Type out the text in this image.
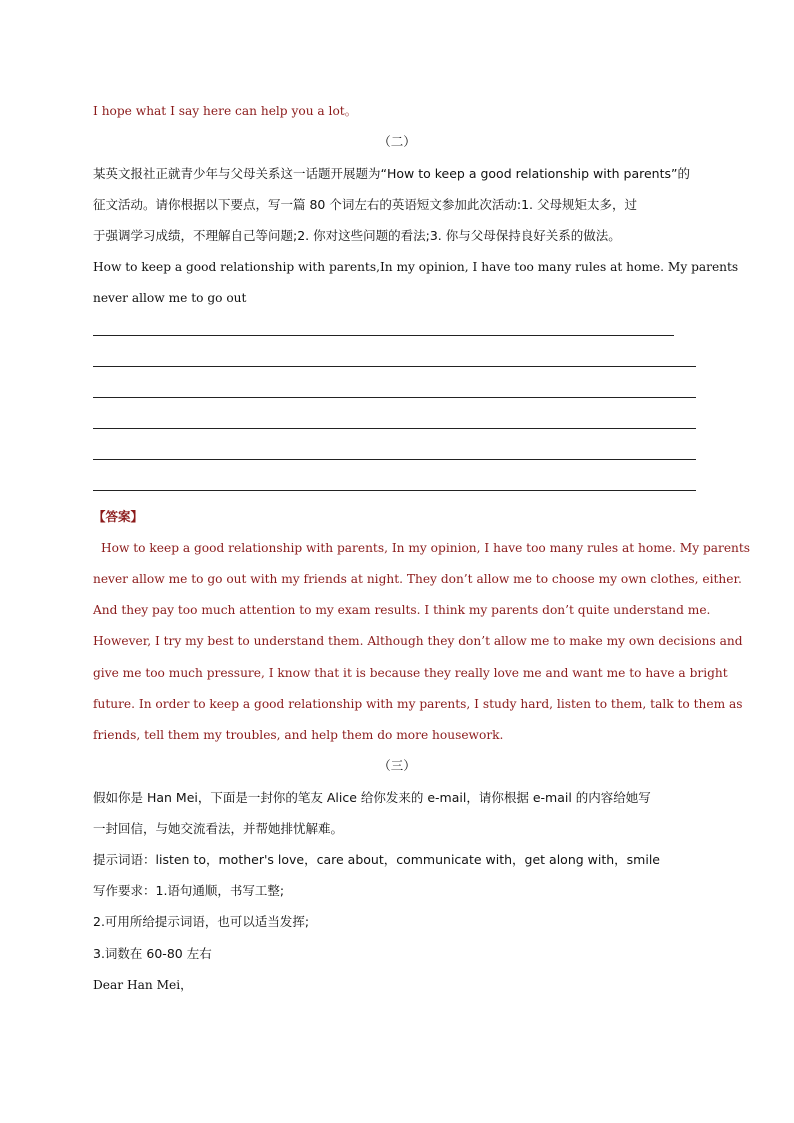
I hope what I say here can help you a lot。
（二）
某英文报社正就青少年与父母关系这一话题开展题为“How to keep a good relationship with parents”的
征文活动。请你根据以下要点，写一篇 80 个词左右的英语短文参加此次活动:1. 父母规矩太多，过
于强调学习成绩，不理解自己等问题;2. 你对这些问题的看法;3. 你与父母保持良好关系的做法。
How to keep a good relationship with parents,In my opinion, I have too many rules at home. My parents
never allow me to go out
【答案】
How to keep a good relationship with parents, In my opinion, I have too many rules at home. My parents
never allow me to go out with my friends at night. They don’t allow me to choose my own clothes, either.
And they pay too much attention to my exam results. I think my parents don’t quite understand me.
However, I try my best to understand them. Although they don’t allow me to make my own decisions and
give me too much pressure, I know that it is because they really love me and want me to have a bright
future. In order to keep a good relationship with my parents, I study hard, listen to them, talk to them as
friends, tell them my troubles, and help them do more housework.
（三）
假如你是 Han Mei，下面是一封你的笔友 Alice 给你发来的 e-mail，请你根据 e-mail 的内容给她写
一封回信，与她交流看法，并帮她排忧解难。
提示词语：listen to，mother's love，care about，communicate with，get along with，smile
写作要求：1.语句通顺，书写工整;
2.可用所给提示词语，也可以适当发挥;
3.词数在 60-80 左右
Dear Han Mei，
